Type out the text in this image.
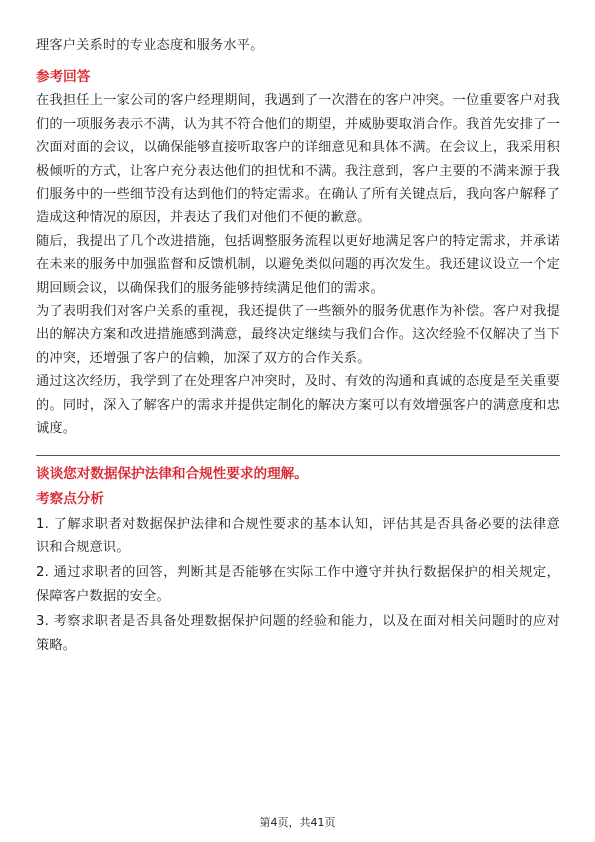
理客户关系时的专业态度和服务水平。

参考回答

在我担任上一家公司的客户经理期间，我遇到了一次潜在的客户冲突。一位重要客户对我们的一项服务表示不满，认为其不符合他们的期望，并威胁要取消合作。我首先安排了一次面对面的会议，以确保能够直接听取客户的详细意见和具体不满。在会议上，我采用积极倾听的方式，让客户充分表达他们的担忧和不满。我注意到，客户主要的不满来源于我们服务中的一些细节没有达到他们的特定需求。在确认了所有关键点后，我向客户解释了造成这种情况的原因，并表达了我们对他们不便的歉意。

随后，我提出了几个改进措施，包括调整服务流程以更好地满足客户的特定需求，并承诺在未来的服务中加强监督和反馈机制，以避免类似问题的再次发生。我还建议设立一个定期回顾会议，以确保我们的服务能够持续满足他们的需求。

为了表明我们对客户关系的重视，我还提供了一些额外的服务优惠作为补偿。客户对我提出的解决方案和改进措施感到满意，最终决定继续与我们合作。这次经验不仅解决了当下的冲突，还增强了客户的信赖，加深了双方的合作关系。

通过这次经历，我学到了在处理客户冲突时，及时、有效的沟通和真诚的态度是至关重要的。同时，深入了解客户的需求并提供定制化的解决方案可以有效增强客户的满意度和忠诚度。

谈谈您对数据保护法律和合规性要求的理解。

考察点分析

1. 了解求职者对数据保护法律和合规性要求的基本认知，评估其是否具备必要的法律意识和合规意识。

2. 通过求职者的回答，判断其是否能够在实际工作中遵守并执行数据保护的相关规定，保障客户数据的安全。

3. 考察求职者是否具备处理数据保护问题的经验和能力，以及在面对相关问题时的应对策略。

第4页，共41页
